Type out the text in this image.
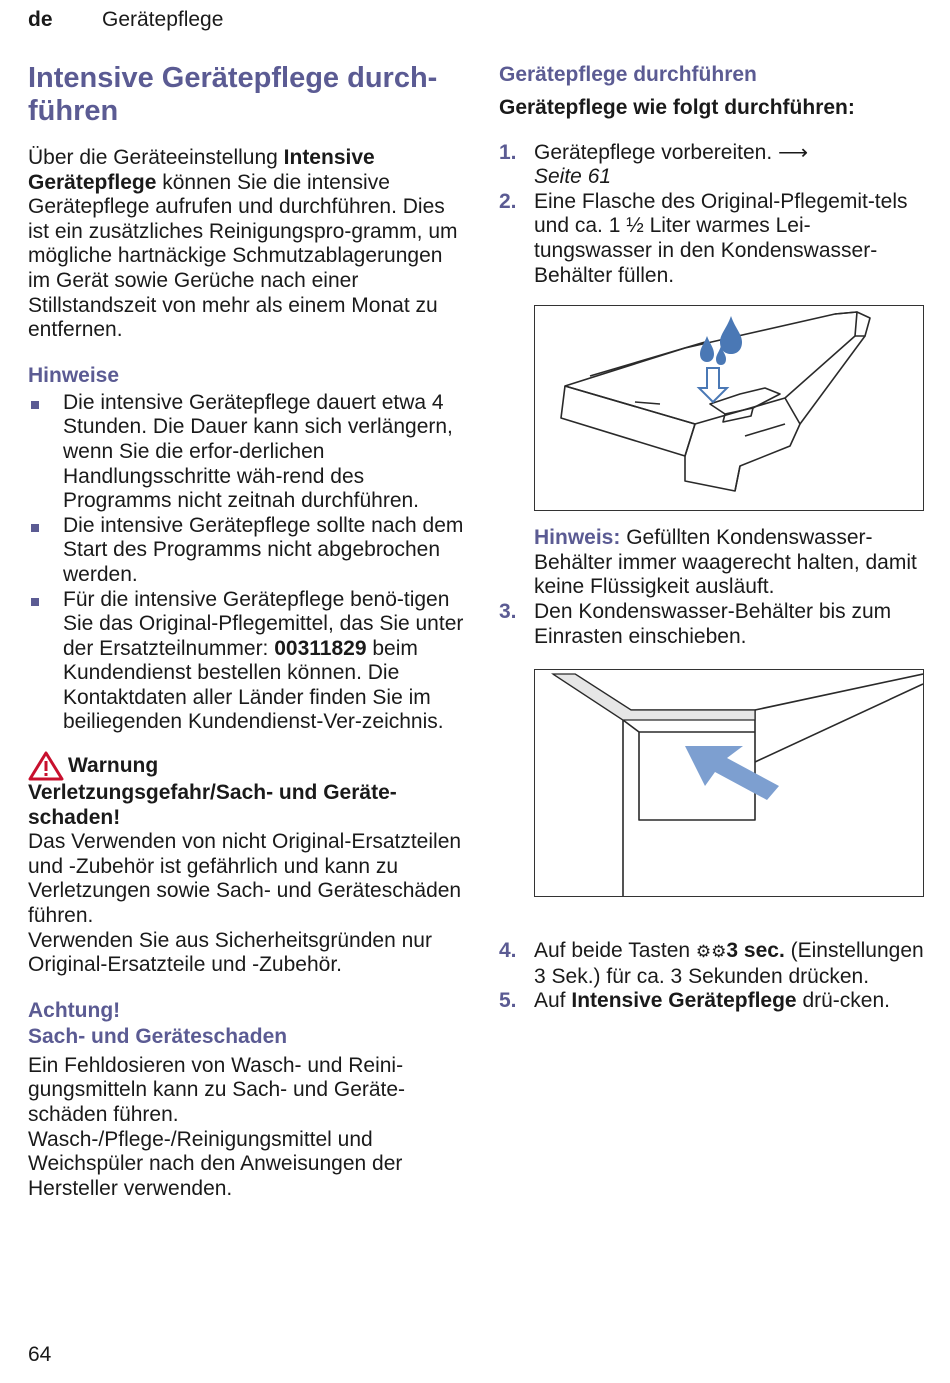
de Gerätepflege
Intensive Gerätepflege durch-
führen

Über die Geräteeinstellung Intensive Gerätepflege können Sie die intensive Gerätepflege aufrufen und durchführen. Dies ist ein zusätzliches Reinigungspro-gramm, um mögliche hartnäckige Schmutzablagerungen im Gerät sowie Gerüche nach einer Stillstandszeit von mehr als einem Monat zu entfernen.

Hinweise
Die intensive Gerätepflege dauert etwa 4 Stunden. Die Dauer kann sich verlängern, wenn Sie die erfor-derlichen Handlungsschritte wäh-rend des Programms nicht zeitnah durchführen.
Die intensive Gerätepflege sollte nach dem Start des Programms nicht abgebrochen werden.
Für die intensive Gerätepflege benö-tigen Sie das Original-Pflegemittel, das Sie unter der Ersatzteilnummer: 00311829 beim Kundendienst bestellen können. Die Kontaktdaten aller Länder finden Sie im beiliegenden Kundendienst-Ver-zeichnis.
Warnung
Verletzungsgefahr/Sach- und Geräte-schaden!

Das Verwenden von nicht Original-Ersatzteilen und -Zubehör ist gefährlich und kann zu Verletzungen sowie Sach- und Geräteschäden führen.

Verwenden Sie aus Sicherheitsgründen nur Original-Ersatzteile und -Zubehör.

Achtung!
Sach- und Geräteschaden

Ein Fehldosieren von Wasch- und Reini-gungsmitteln kann zu Sach- und Geräte-schäden führen.

Wasch-/Pflege-/Reinigungsmittel und Weichspüler nach den Anweisungen der Hersteller verwenden.

Gerätepflege durchführen
Gerätepflege wie folgt durchführen:
1. Gerätepflege vorbereiten. ⟶ Seite 61
2. Eine Flasche des Original-Pflegemit-tels und ca. 1 ½ Liter warmes Lei-tungswasser in den Kondenswasser-Behälter füllen.
Hinweis: Gefüllten Kondenswasser-Behälter immer waagerecht halten, damit keine Flüssigkeit ausläuft.
3. Den Kondenswasser-Behälter bis zum Einrasten einschieben.
4. Auf beide Tasten ⚙⚙3 sec. (Einstellungen 3 Sek.) für ca. 3 Sekunden drücken.
5. Auf Intensive Gerätepflege drü-cken.
64
